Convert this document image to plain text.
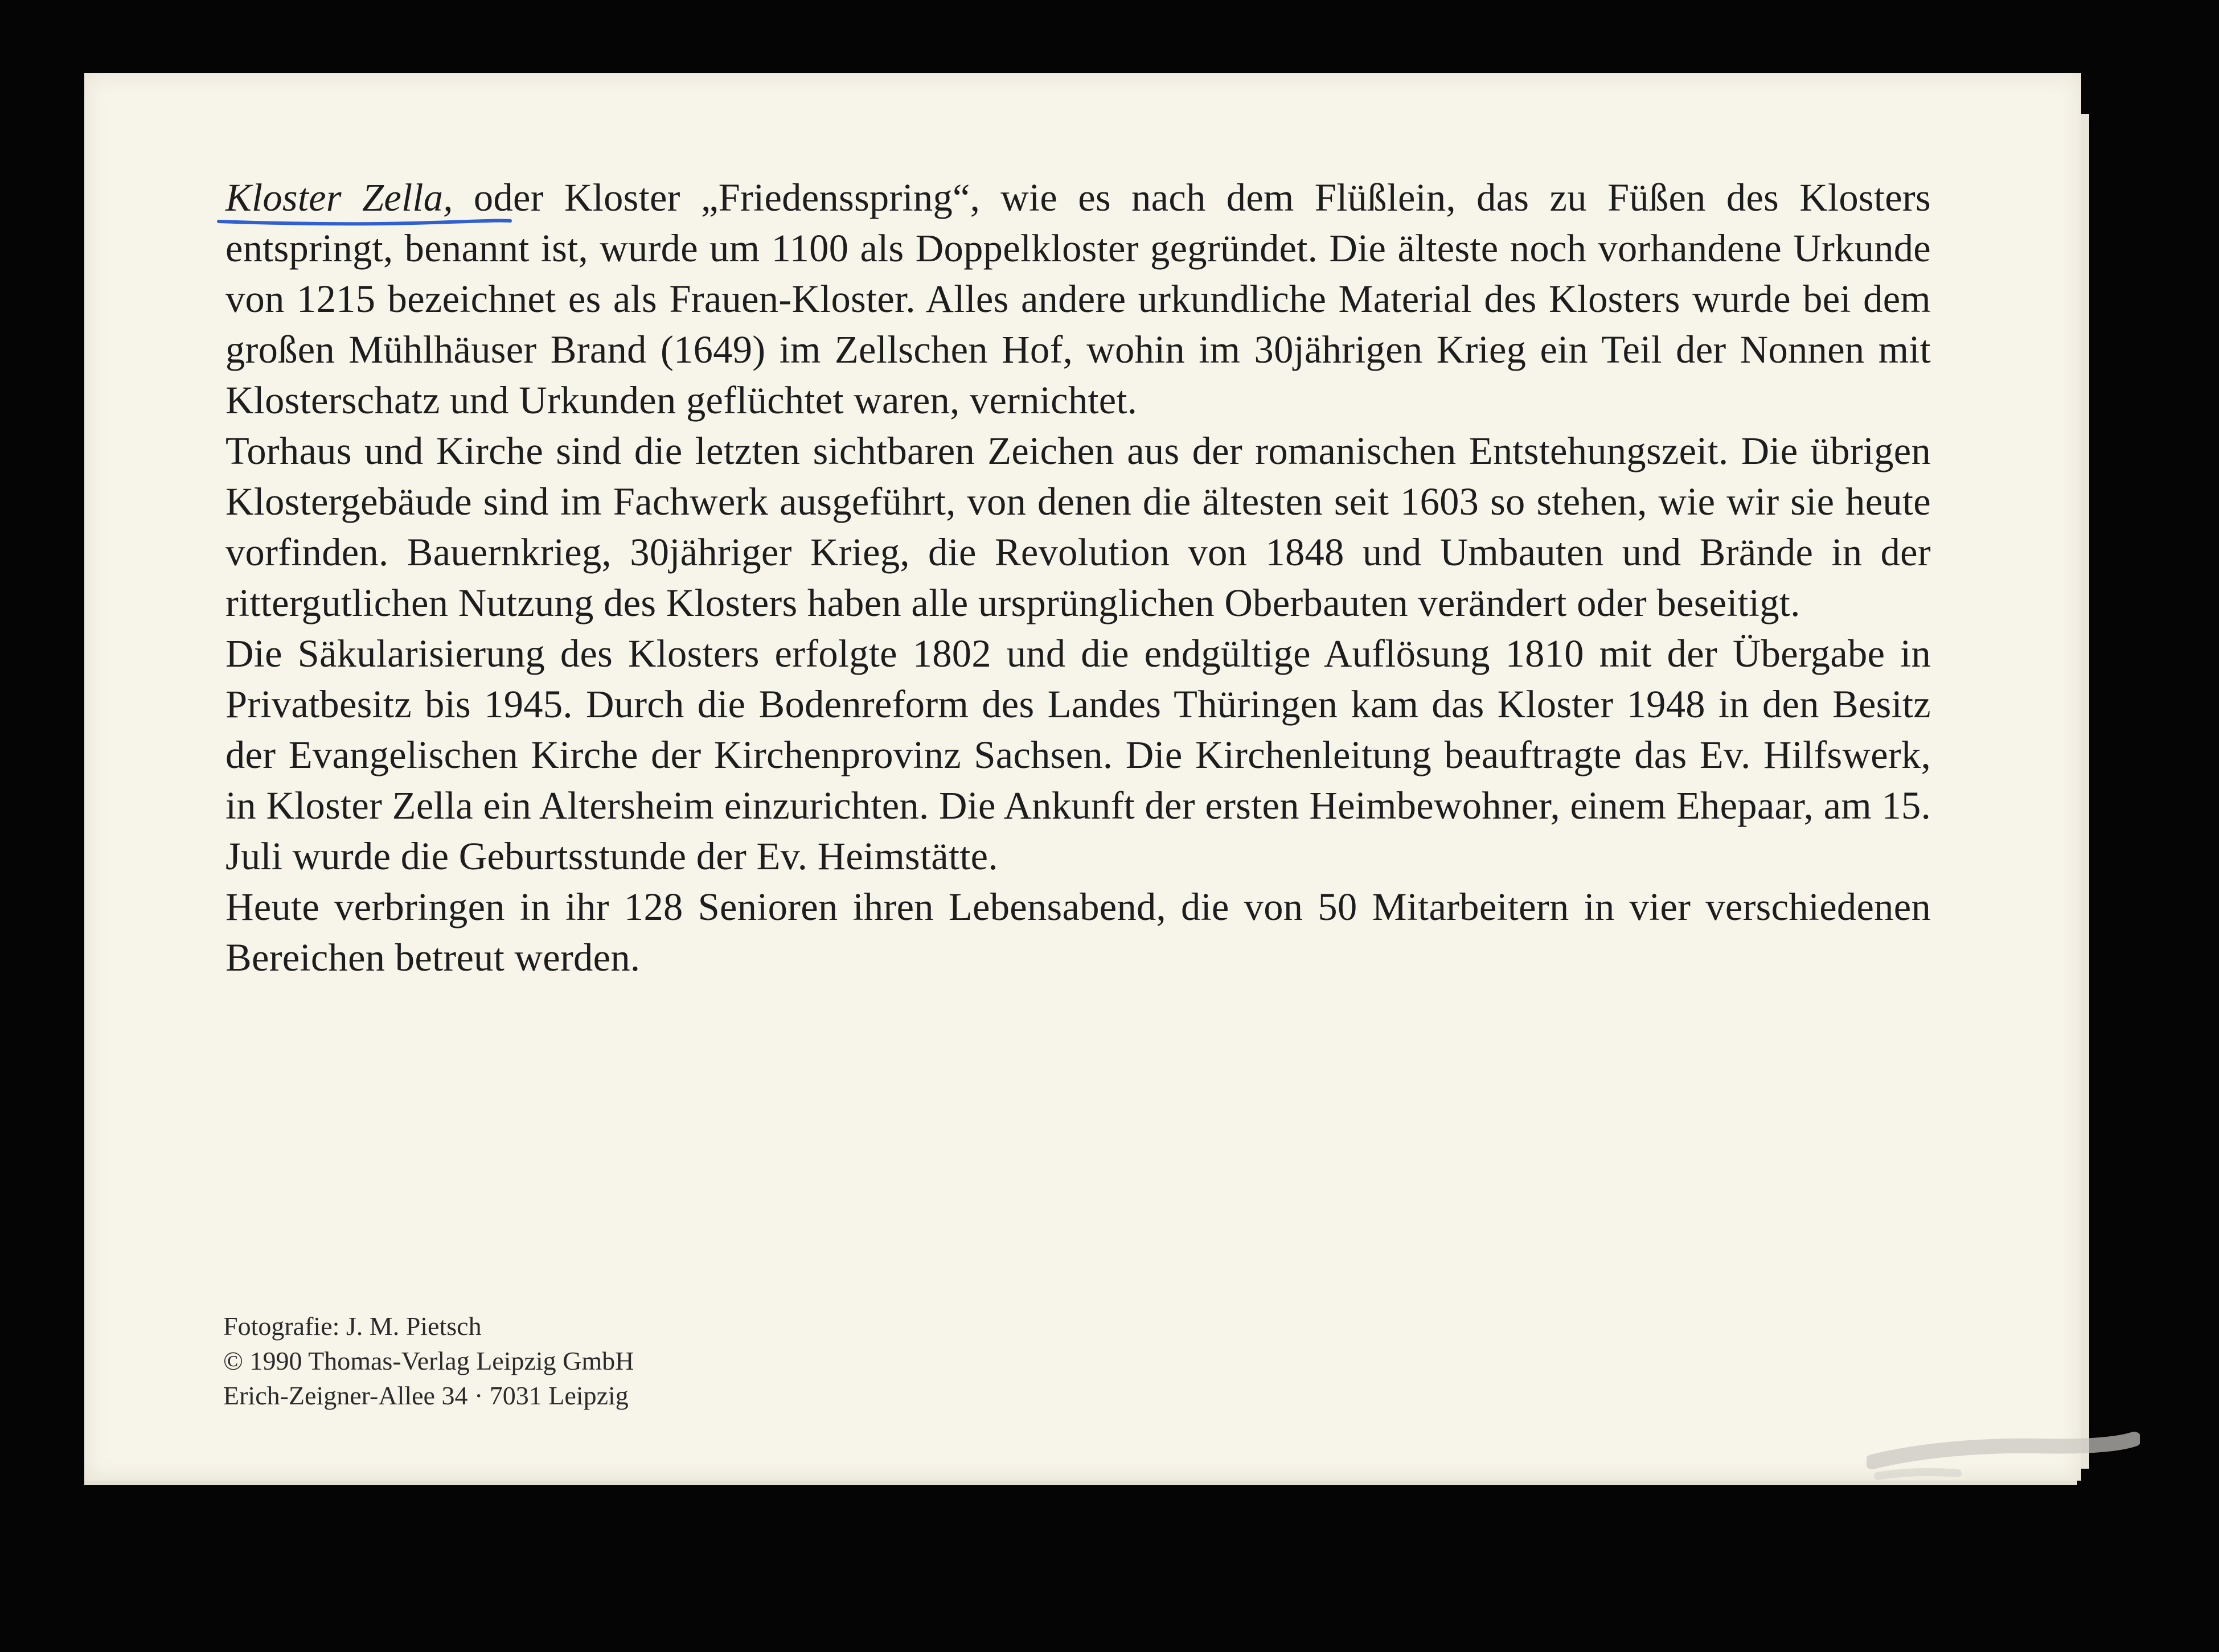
Kloster Zella, oder Kloster „Friedensspring“, wie es nach dem Flüßlein, das zu Füßen des Klosters entspringt, benannt ist, wurde um 1100 als Doppelkloster gegründet. Die älteste noch vorhandene Urkunde von 1215 bezeichnet es als Frauen-Kloster. Alles andere urkundliche Material des Klosters wurde bei dem großen Mühlhäuser Brand (1649) im Zellschen Hof, wohin im 30jährigen Krieg ein Teil der Nonnen mit Klosterschatz und Urkunden geflüchtet waren, vernichtet.

Torhaus und Kirche sind die letzten sichtbaren Zeichen aus der romanischen Entstehungszeit. Die übrigen Klostergebäude sind im Fachwerk ausgeführt, von denen die ältesten seit 1603 so stehen, wie wir sie heute vorfinden. Bauernkrieg, 30jähriger Krieg, die Revolution von 1848 und Umbauten und Brände in der rittergutlichen Nutzung des Klosters haben alle ursprünglichen Oberbauten verändert oder beseitigt.

Die Säkularisierung des Klosters erfolgte 1802 und die endgültige Auflösung 1810 mit der Übergabe in Privatbesitz bis 1945. Durch die Bodenreform des Landes Thüringen kam das Kloster 1948 in den Besitz der Evangelischen Kirche der Kirchenprovinz Sachsen. Die Kirchenleitung beauftragte das Ev. Hilfswerk, in Kloster Zella ein Altersheim einzurichten. Die Ankunft der ersten Heimbewohner, einem Ehepaar, am 15. Juli wurde die Geburtsstunde der Ev. Heimstätte.

Heute verbringen in ihr 128 Senioren ihren Lebensabend, die von 50 Mitarbeitern in vier verschiedenen Bereichen betreut werden.

Fotografie: J. M. Pietsch
© 1990 Thomas-Verlag Leipzig GmbH
Erich-Zeigner-Allee 34 · 7031 Leipzig
